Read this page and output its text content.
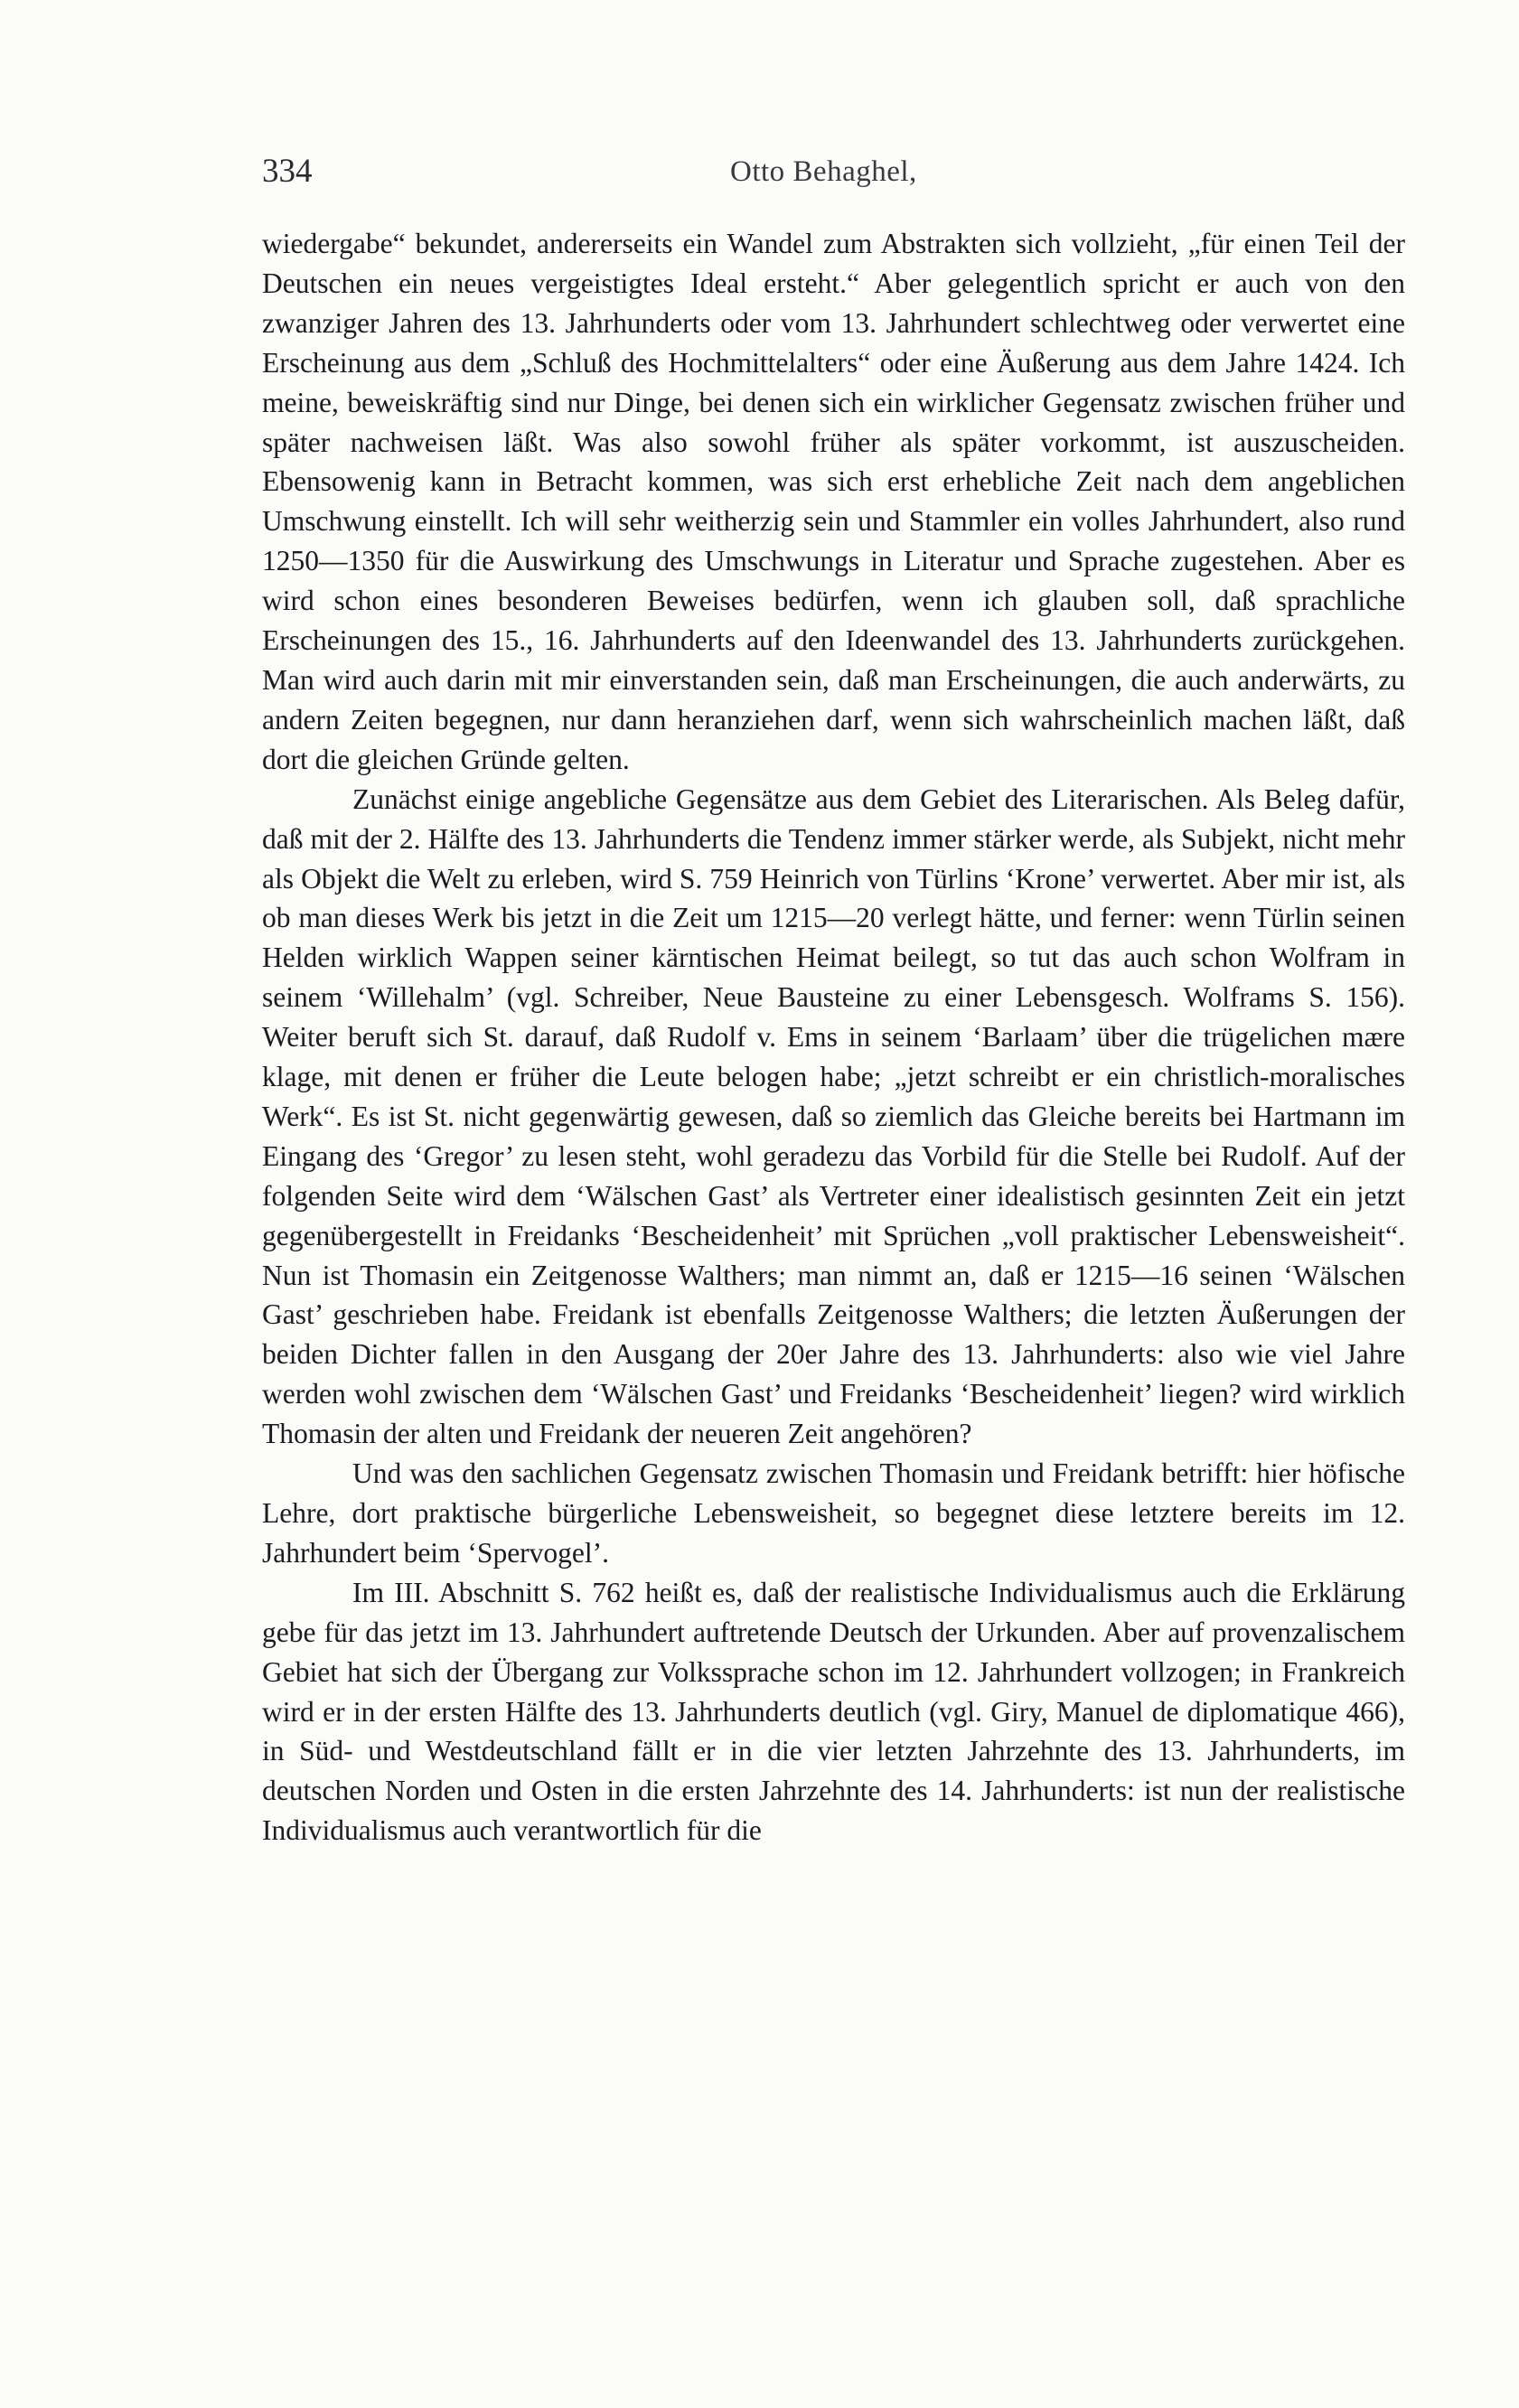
334	Otto Behaghel,

wiedergabe“ bekundet, andererseits ein Wandel zum Abstrakten sich vollzieht, „für einen Teil der Deutschen ein neues vergeistigtes Ideal ersteht.“ Aber gelegentlich spricht er auch von den zwanziger Jahren des 13. Jahrhunderts oder vom 13. Jahrhundert schlechtweg oder verwertet eine Erscheinung aus dem „Schluß des Hochmittelalters“ oder eine Äußerung aus dem Jahre 1424. Ich meine, beweiskräftig sind nur Dinge, bei denen sich ein wirklicher Gegensatz zwischen früher und später nachweisen läßt. Was also sowohl früher als später vorkommt, ist auszuscheiden. Ebensowenig kann in Betracht kommen, was sich erst erhebliche Zeit nach dem angeblichen Umschwung einstellt. Ich will sehr weitherzig sein und Stammler ein volles Jahrhundert, also rund 1250—1350 für die Auswirkung des Umschwungs in Literatur und Sprache zugestehen. Aber es wird schon eines besonderen Beweises bedürfen, wenn ich glauben soll, daß sprachliche Erscheinungen des 15., 16. Jahrhunderts auf den Ideenwandel des 13. Jahrhunderts zurückgehen. Man wird auch darin mit mir einverstanden sein, daß man Erscheinungen, die auch anderwärts, zu andern Zeiten begegnen, nur dann heranziehen darf, wenn sich wahrscheinlich machen läßt, daß dort die gleichen Gründe gelten.

Zunächst einige angebliche Gegensätze aus dem Gebiet des Literarischen. Als Beleg dafür, daß mit der 2. Hälfte des 13. Jahrhunderts die Tendenz immer stärker werde, als Subjekt, nicht mehr als Objekt die Welt zu erleben, wird S. 759 Heinrich von Türlins ‘Krone’ verwertet. Aber mir ist, als ob man dieses Werk bis jetzt in die Zeit um 1215—20 verlegt hätte, und ferner: wenn Türlin seinen Helden wirklich Wappen seiner kärntischen Heimat beilegt, so tut das auch schon Wolfram in seinem ‘Willehalm’ (vgl. Schreiber, Neue Bausteine zu einer Lebensgesch. Wolframs S. 156). Weiter beruft sich St. darauf, daß Rudolf v. Ems in seinem ‘Barlaam’ über die trügelichen mære klage, mit denen er früher die Leute belogen habe; „jetzt schreibt er ein christlich-moralisches Werk“. Es ist St. nicht gegenwärtig gewesen, daß so ziemlich das Gleiche bereits bei Hartmann im Eingang des ‘Gregor’ zu lesen steht, wohl geradezu das Vorbild für die Stelle bei Rudolf. Auf der folgenden Seite wird dem ‘Wälschen Gast’ als Vertreter einer idealistisch gesinnten Zeit ein jetzt gegenübergestellt in Freidanks ‘Bescheidenheit’ mit Sprüchen „voll praktischer Lebensweisheit“. Nun ist Thomasin ein Zeitgenosse Walthers; man nimmt an, daß er 1215—16 seinen ‘Wälschen Gast’ geschrieben habe. Freidank ist ebenfalls Zeitgenosse Walthers; die letzten Äußerungen der beiden Dichter fallen in den Ausgang der 20er Jahre des 13. Jahrhunderts: also wie viel Jahre werden wohl zwischen dem ‘Wälschen Gast’ und Freidanks ‘Bescheidenheit’ liegen? wird wirklich Thomasin der alten und Freidank der neueren Zeit angehören?

Und was den sachlichen Gegensatz zwischen Thomasin und Freidank betrifft: hier höfische Lehre, dort praktische bürgerliche Lebensweisheit, so begegnet diese letztere bereits im 12. Jahrhundert beim ‘Spervogel’.

Im III. Abschnitt S. 762 heißt es, daß der realistische Individualismus auch die Erklärung gebe für das jetzt im 13. Jahrhundert auftretende Deutsch der Urkunden. Aber auf provenzalischem Gebiet hat sich der Übergang zur Volkssprache schon im 12. Jahrhundert vollzogen; in Frankreich wird er in der ersten Hälfte des 13. Jahrhunderts deutlich (vgl. Giry, Manuel de diplomatique 466), in Süd- und Westdeutschland fällt er in die vier letzten Jahrzehnte des 13. Jahrhunderts, im deutschen Norden und Osten in die ersten Jahrzehnte des 14. Jahrhunderts: ist nun der realistische Individualismus auch verantwortlich für die
